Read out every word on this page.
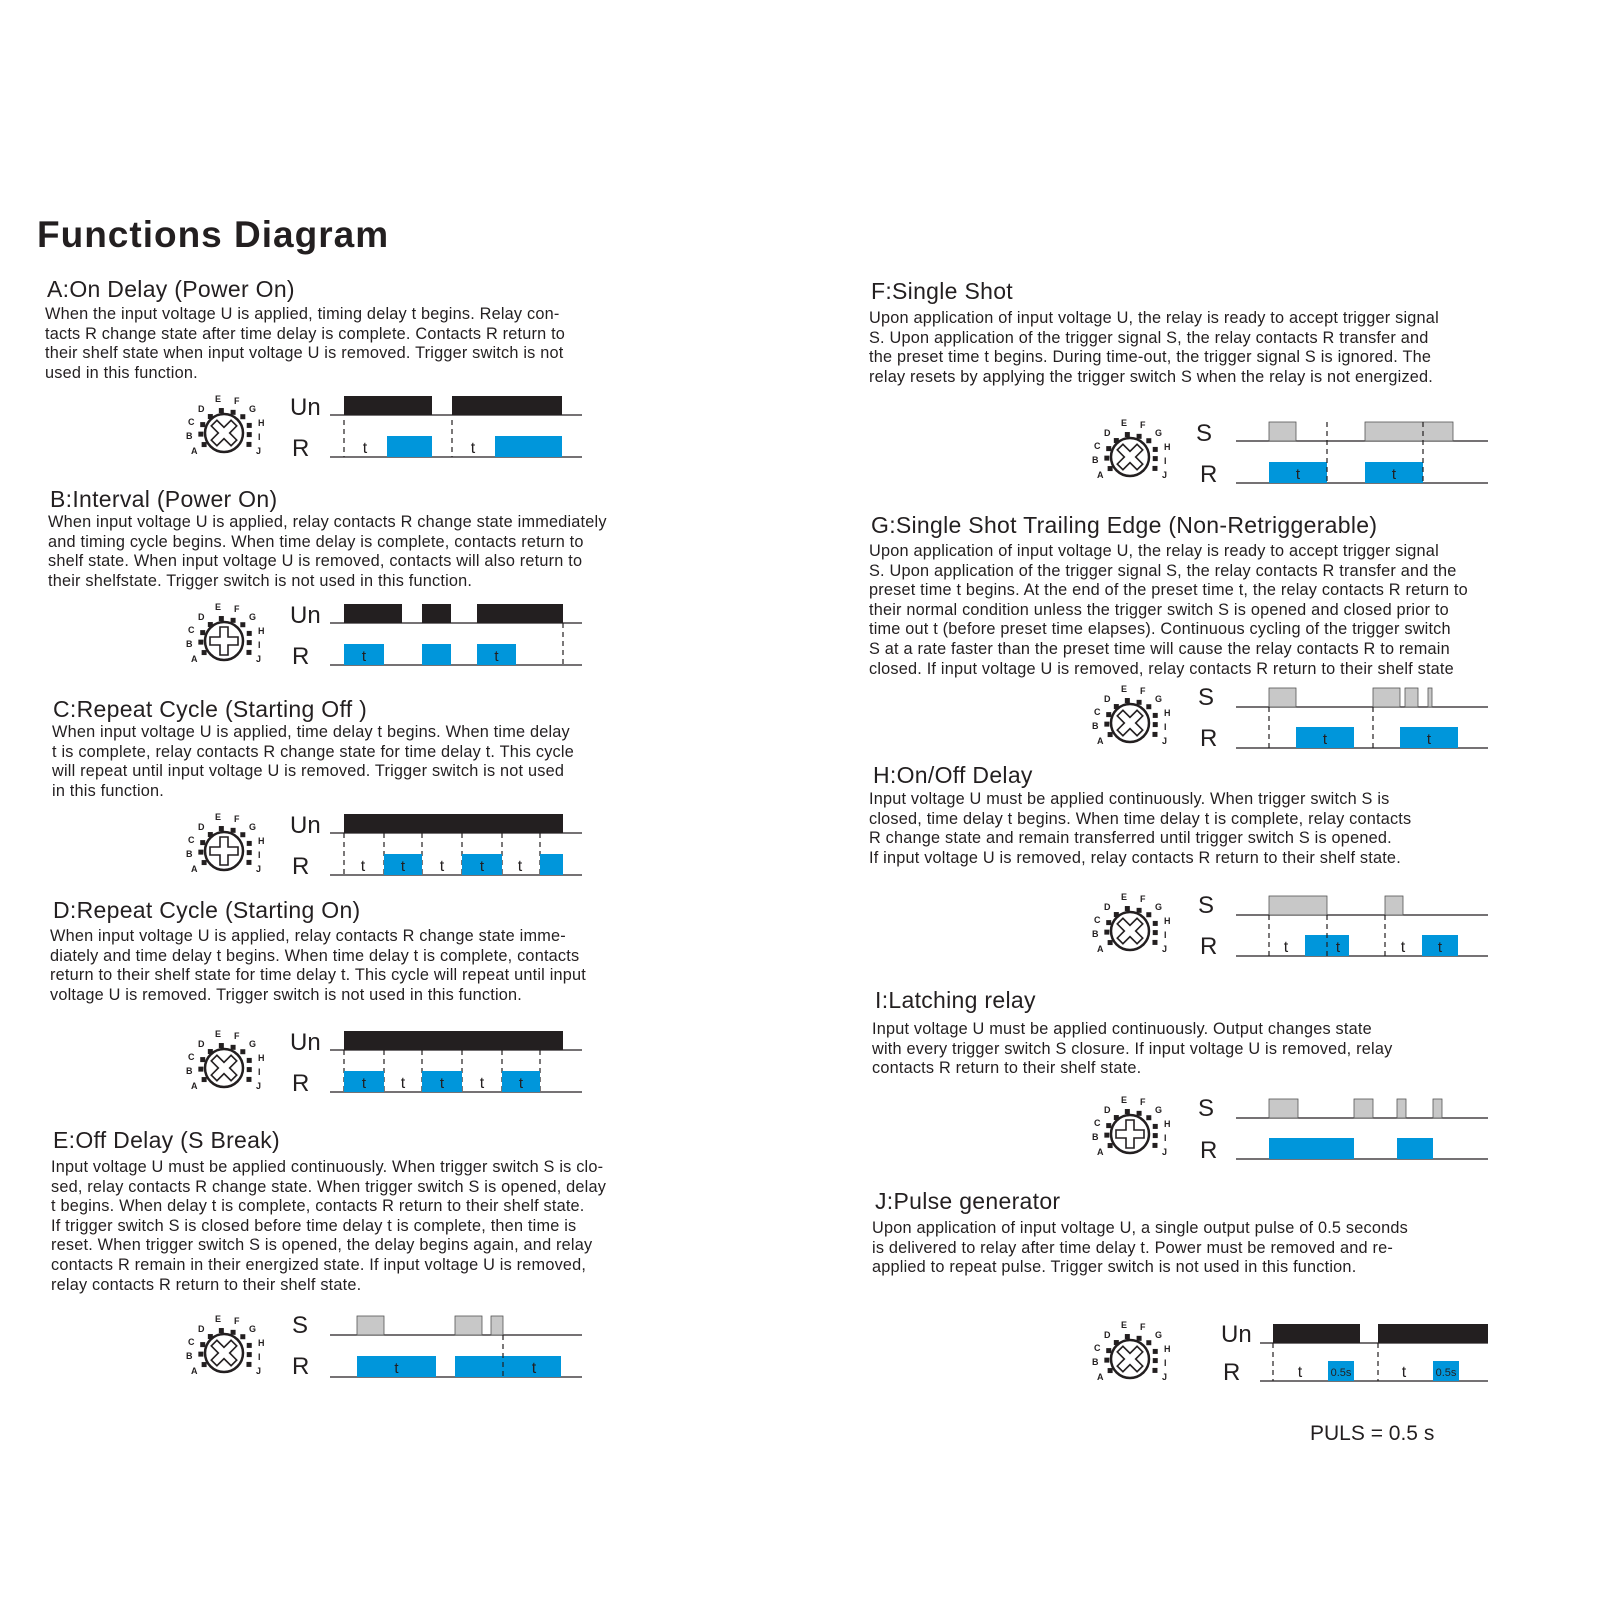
Functions Diagram
A:On Delay (Power On)

When the input voltage U is applied, timing delay t begins. Relay con-
tacts R change state after time delay is complete. Contacts R return to
their shelf state when input voltage U is removed. Trigger switch is not
used in this function.

A
B
C
D
E F
G
H
I
J
Un
R	t	t
B:Interval (Power On)

When input voltage U is applied, relay contacts R change state immediately
and timing cycle begins. When time delay is complete, contacts return to
shelf state. When input voltage U is removed, contacts will also return to
their shelfstate. Trigger switch is not used in this function.

A
B
C
D
E F
G
H
I
J
Un
R	t	t
C:Repeat Cycle (Starting Off )

When input voltage U is applied, time delay t begins. When time delay
t is complete, relay contacts R change state for time delay t. This cycle
will repeat until input voltage U is removed. Trigger switch is not used
in this function.

A
B
C
D
E F
G
H
I
J
Un
R	t t t t t
D:Repeat Cycle (Starting On)

When input voltage U is applied, relay contacts R change state imme-
diately and time delay t begins. When time delay t is complete, contacts
return to their shelf state for time delay t. This cycle will repeat until input
voltage U is removed. Trigger switch is not used in this function.

A
B
C
D
E F
G
H
I
J
Un
R	t t t t t
E:Off Delay (S Break)

Input voltage U must be applied continuously. When trigger switch S is clo-
sed, relay contacts R change state. When trigger switch S is opened, delay
t begins. When delay t is complete, contacts R return to their shelf state.
If trigger switch S is closed before time delay t is complete, then time is
reset. When trigger switch S is opened, the delay begins again, and relay
contacts R remain in their energized state. If input voltage U is removed,
relay contacts R return to their shelf state.

A
B
C
D
E F
G
H
I
J
S
R	t	t
F:Single Shot

Upon application of input voltage U, the relay is ready to accept trigger signal
S. Upon application of the trigger signal S, the relay contacts R transfer and
the preset time t begins. During time-out, the trigger signal S is ignored. The
relay resets by applying the trigger switch S when the relay is not energized.

A
B
C
D
E F
G
H
I
J
S
R	t	t
G:Single Shot Trailing Edge (Non-Retriggerable)

Upon application of input voltage U, the relay is ready to accept trigger signal
S. Upon application of the trigger signal S, the relay contacts R transfer and the
preset time t begins. At the end of the preset time t, the relay contacts R return to
their normal condition unless the trigger switch S is opened and closed prior to
time out t (before preset time elapses). Continuous cycling of the trigger switch
S at a rate faster than the preset time will cause the relay contacts R to remain
closed. If input voltage U is removed, relay contacts R return to their shelf state

A
B
C
D
E F
G
H
I
J
S
R	t	t
H:On/Off Delay

Input voltage U must be applied continuously. When trigger switch S is
closed, time delay t begins. When time delay t is complete, relay contacts
R change state and remain transferred until trigger switch S is opened.
If input voltage U is removed, relay contacts R return to their shelf state.

A
B
C
D
E F
G
H
I
J
S
R	t	t	t t
I:Latching relay

Input voltage U must be applied continuously. Output changes state
with every trigger switch S closure. If input voltage U is removed, relay
contacts R return to their shelf state.

A
B
C
D
E F
G
H
I
J
S
R
J:Pulse generator

Upon application of input voltage U, a single output pulse of 0.5 seconds
is delivered to relay after time delay t. Power must be removed and re-
applied to repeat pulse. Trigger switch is not used in this function.

A
B
C
D
E F
G
H
I
J
Un
R	t	t
0.5s	0.5s
PULS = 0.5 s
